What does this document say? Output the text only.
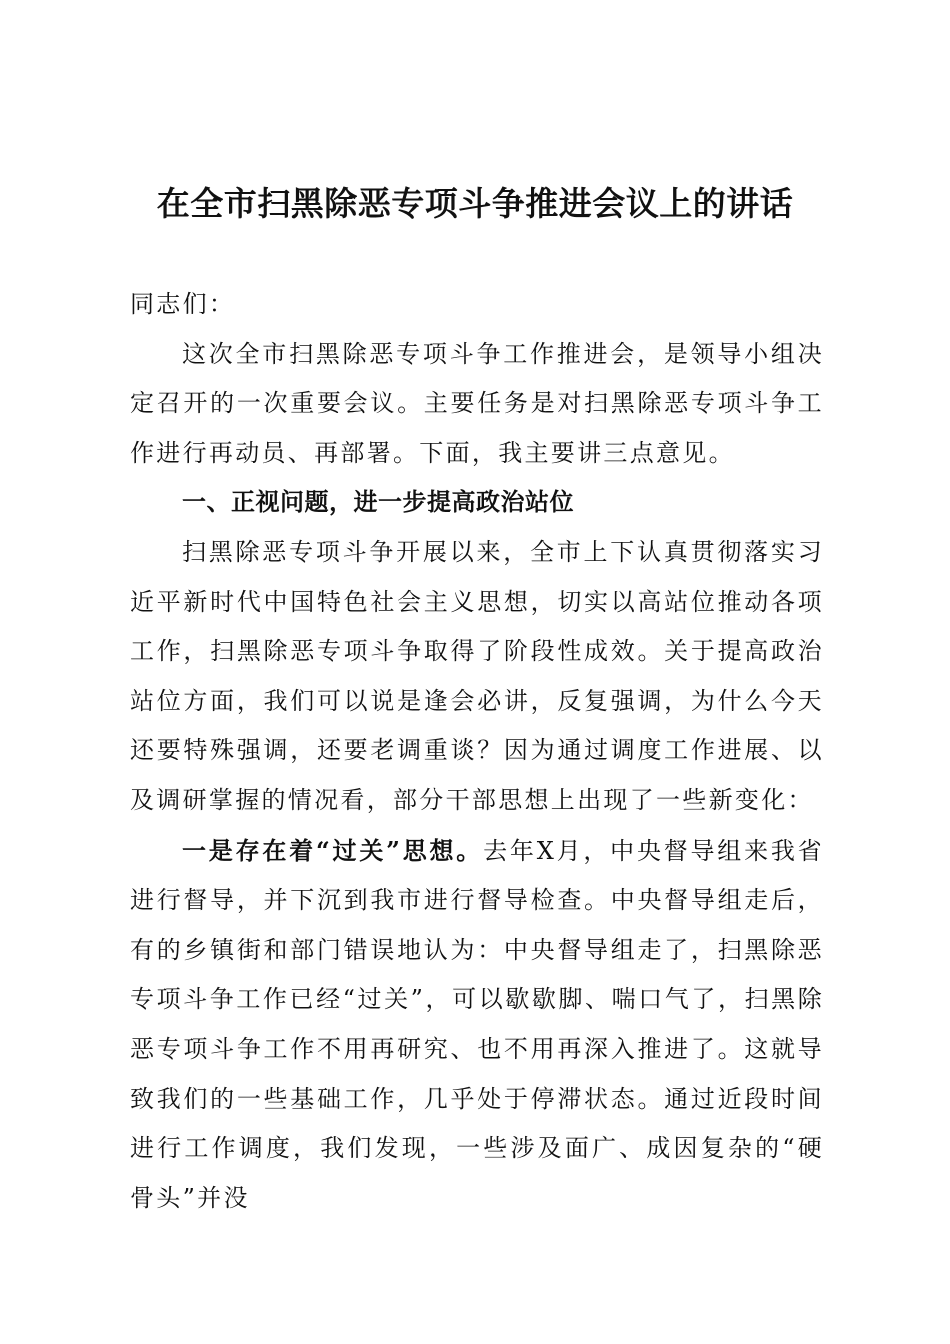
在全市扫黑除恶专项斗争推进会议上的讲话

同志们：

这次全市扫黑除恶专项斗争工作推进会，是领导小组决定召开的一次重要会议。主要任务是对扫黑除恶专项斗争工作进行再动员、再部署。下面，我主要讲三点意见。

一、正视问题，进一步提高政治站位

扫黑除恶专项斗争开展以来，全市上下认真贯彻落实习近平新时代中国特色社会主义思想，切实以高站位推动各项工作，扫黑除恶专项斗争取得了阶段性成效。关于提高政治站位方面，我们可以说是逢会必讲，反复强调，为什么今天还要特殊强调，还要老调重谈？因为通过调度工作进展、以及调研掌握的情况看，部分干部思想上出现了一些新变化：

一是存在着“过关”思想。去年X月，中央督导组来我省进行督导，并下沉到我市进行督导检查。中央督导组走后，有的乡镇街和部门错误地认为：中央督导组走了，扫黑除恶专项斗争工作已经“过关”，可以歇歇脚、喘口气了，扫黑除恶专项斗争工作不用再研究、也不用再深入推进了。这就导致我们的一些基础工作，几乎处于停滞状态。通过近段时间进行工作调度，我们发现，一些涉及面广、成因复杂的“硬骨头”并没
